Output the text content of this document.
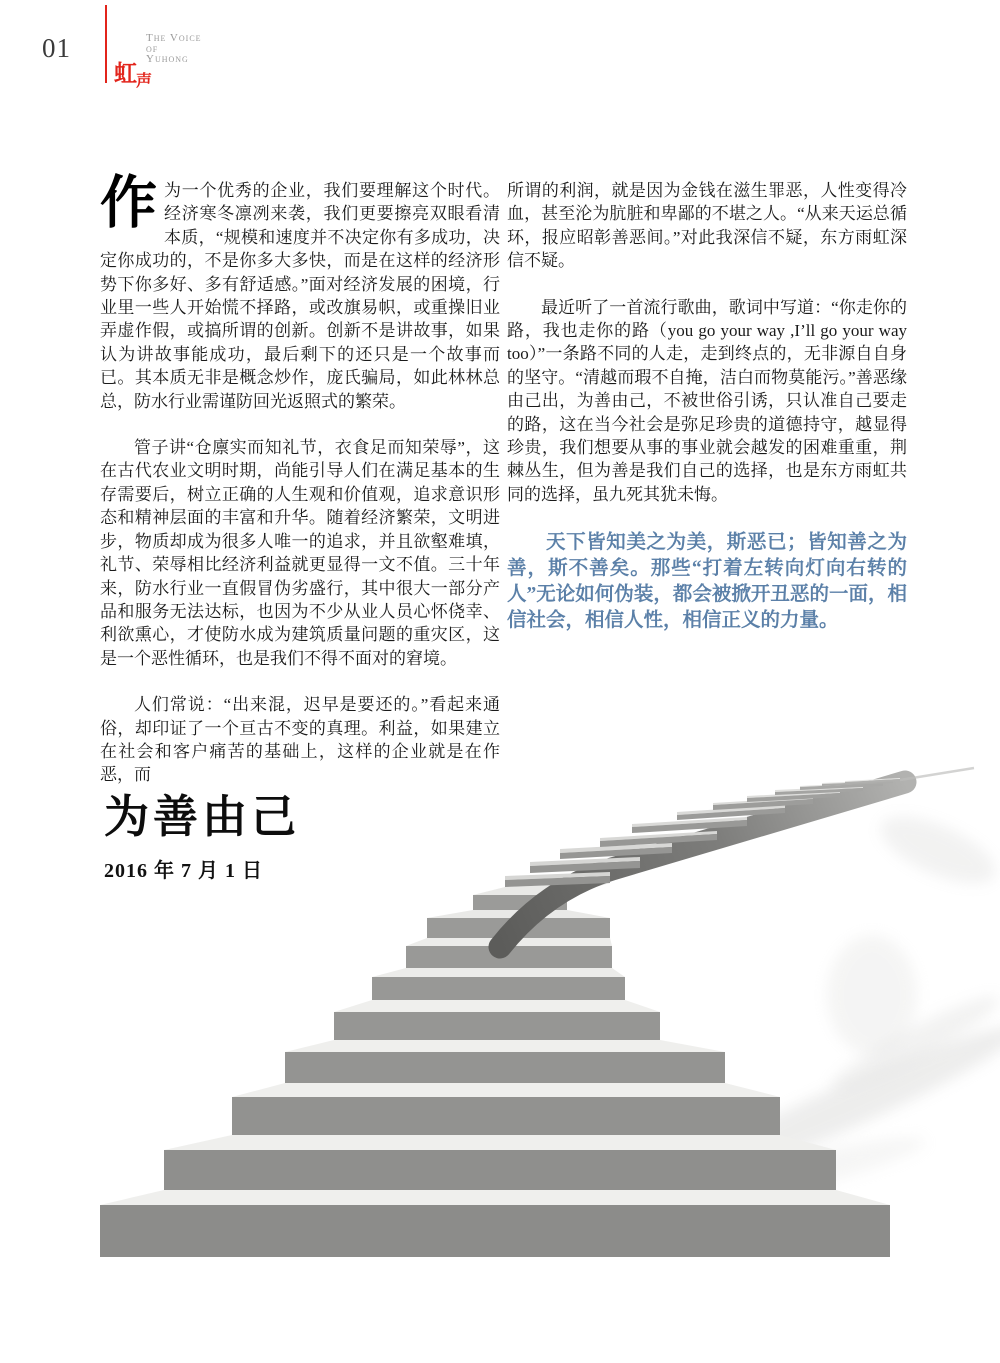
01	The Voice
of
Yuhong
虹 声

作为一个优秀的企业，我们要理解这个时代。经济寒冬凛冽来袭，我们更要擦亮双眼看清本质，“规模和速度并不决定你有多成功，决定你成功的，不是你多大多快，而是在这样的经济形势下你多好、多有舒适感。”面对经济发展的困境，行业里一些人开始慌不择路，或改旗易帜，或重操旧业弄虚作假，或搞所谓的创新。创新不是讲故事，如果认为讲故事能成功，最后剩下的还只是一个故事而已。其本质无非是概念炒作，庞氏骗局，如此林林总总，防水行业需谨防回光返照式的繁荣。

管子讲“仓廪实而知礼节，衣食足而知荣辱”，这在古代农业文明时期，尚能引导人们在满足基本的生存需要后，树立正确的人生观和价值观，追求意识形态和精神层面的丰富和升华。随着经济繁荣，文明进步，物质却成为很多人唯一的追求，并且欲壑难填，礼节、荣辱相比经济利益就更显得一文不值。三十年来，防水行业一直假冒伪劣盛行，其中很大一部分产品和服务无法达标，也因为不少从业人员心怀侥幸、利欲熏心，才使防水成为建筑质量问题的重灾区，这是一个恶性循环，也是我们不得不面对的窘境。

人们常说：“出来混，迟早是要还的。”看起来通俗，却印证了一个亘古不变的真理。利益，如果建立在社会和客户痛苦的基础上，这样的企业就是在作恶，而

所谓的利润，就是因为金钱在滋生罪恶，人性变得冷血，甚至沦为肮脏和卑鄙的不堪之人。“从来天运总循环，报应昭彰善恶间。”对此我深信不疑，东方雨虹深信不疑。

最近听了一首流行歌曲，歌词中写道：“你走你的路，我也走你的路（you go your way ,I’ll go your way too）”一条路不同的人走，走到终点的，无非源自自身的坚守。“清越而瑕不自掩，洁白而物莫能污。”善恶缘由己出，为善由己，不被世俗引诱，只认准自己要走的路，这在当今社会是弥足珍贵的道德持守，越显得珍贵，我们想要从事的事业就会越发的困难重重，荆棘丛生，但为善是我们自己的选择，也是东方雨虹共同的选择，虽九死其犹未悔。

天下皆知美之为美，斯恶已；皆知善之为善，斯不善矣。那些“打着左转向灯向右转的人”无论如何伪装，都会被掀开丑恶的一面，相信社会，相信人性，相信正义的力量。

为善由己
2016 年 7 月 1 日
